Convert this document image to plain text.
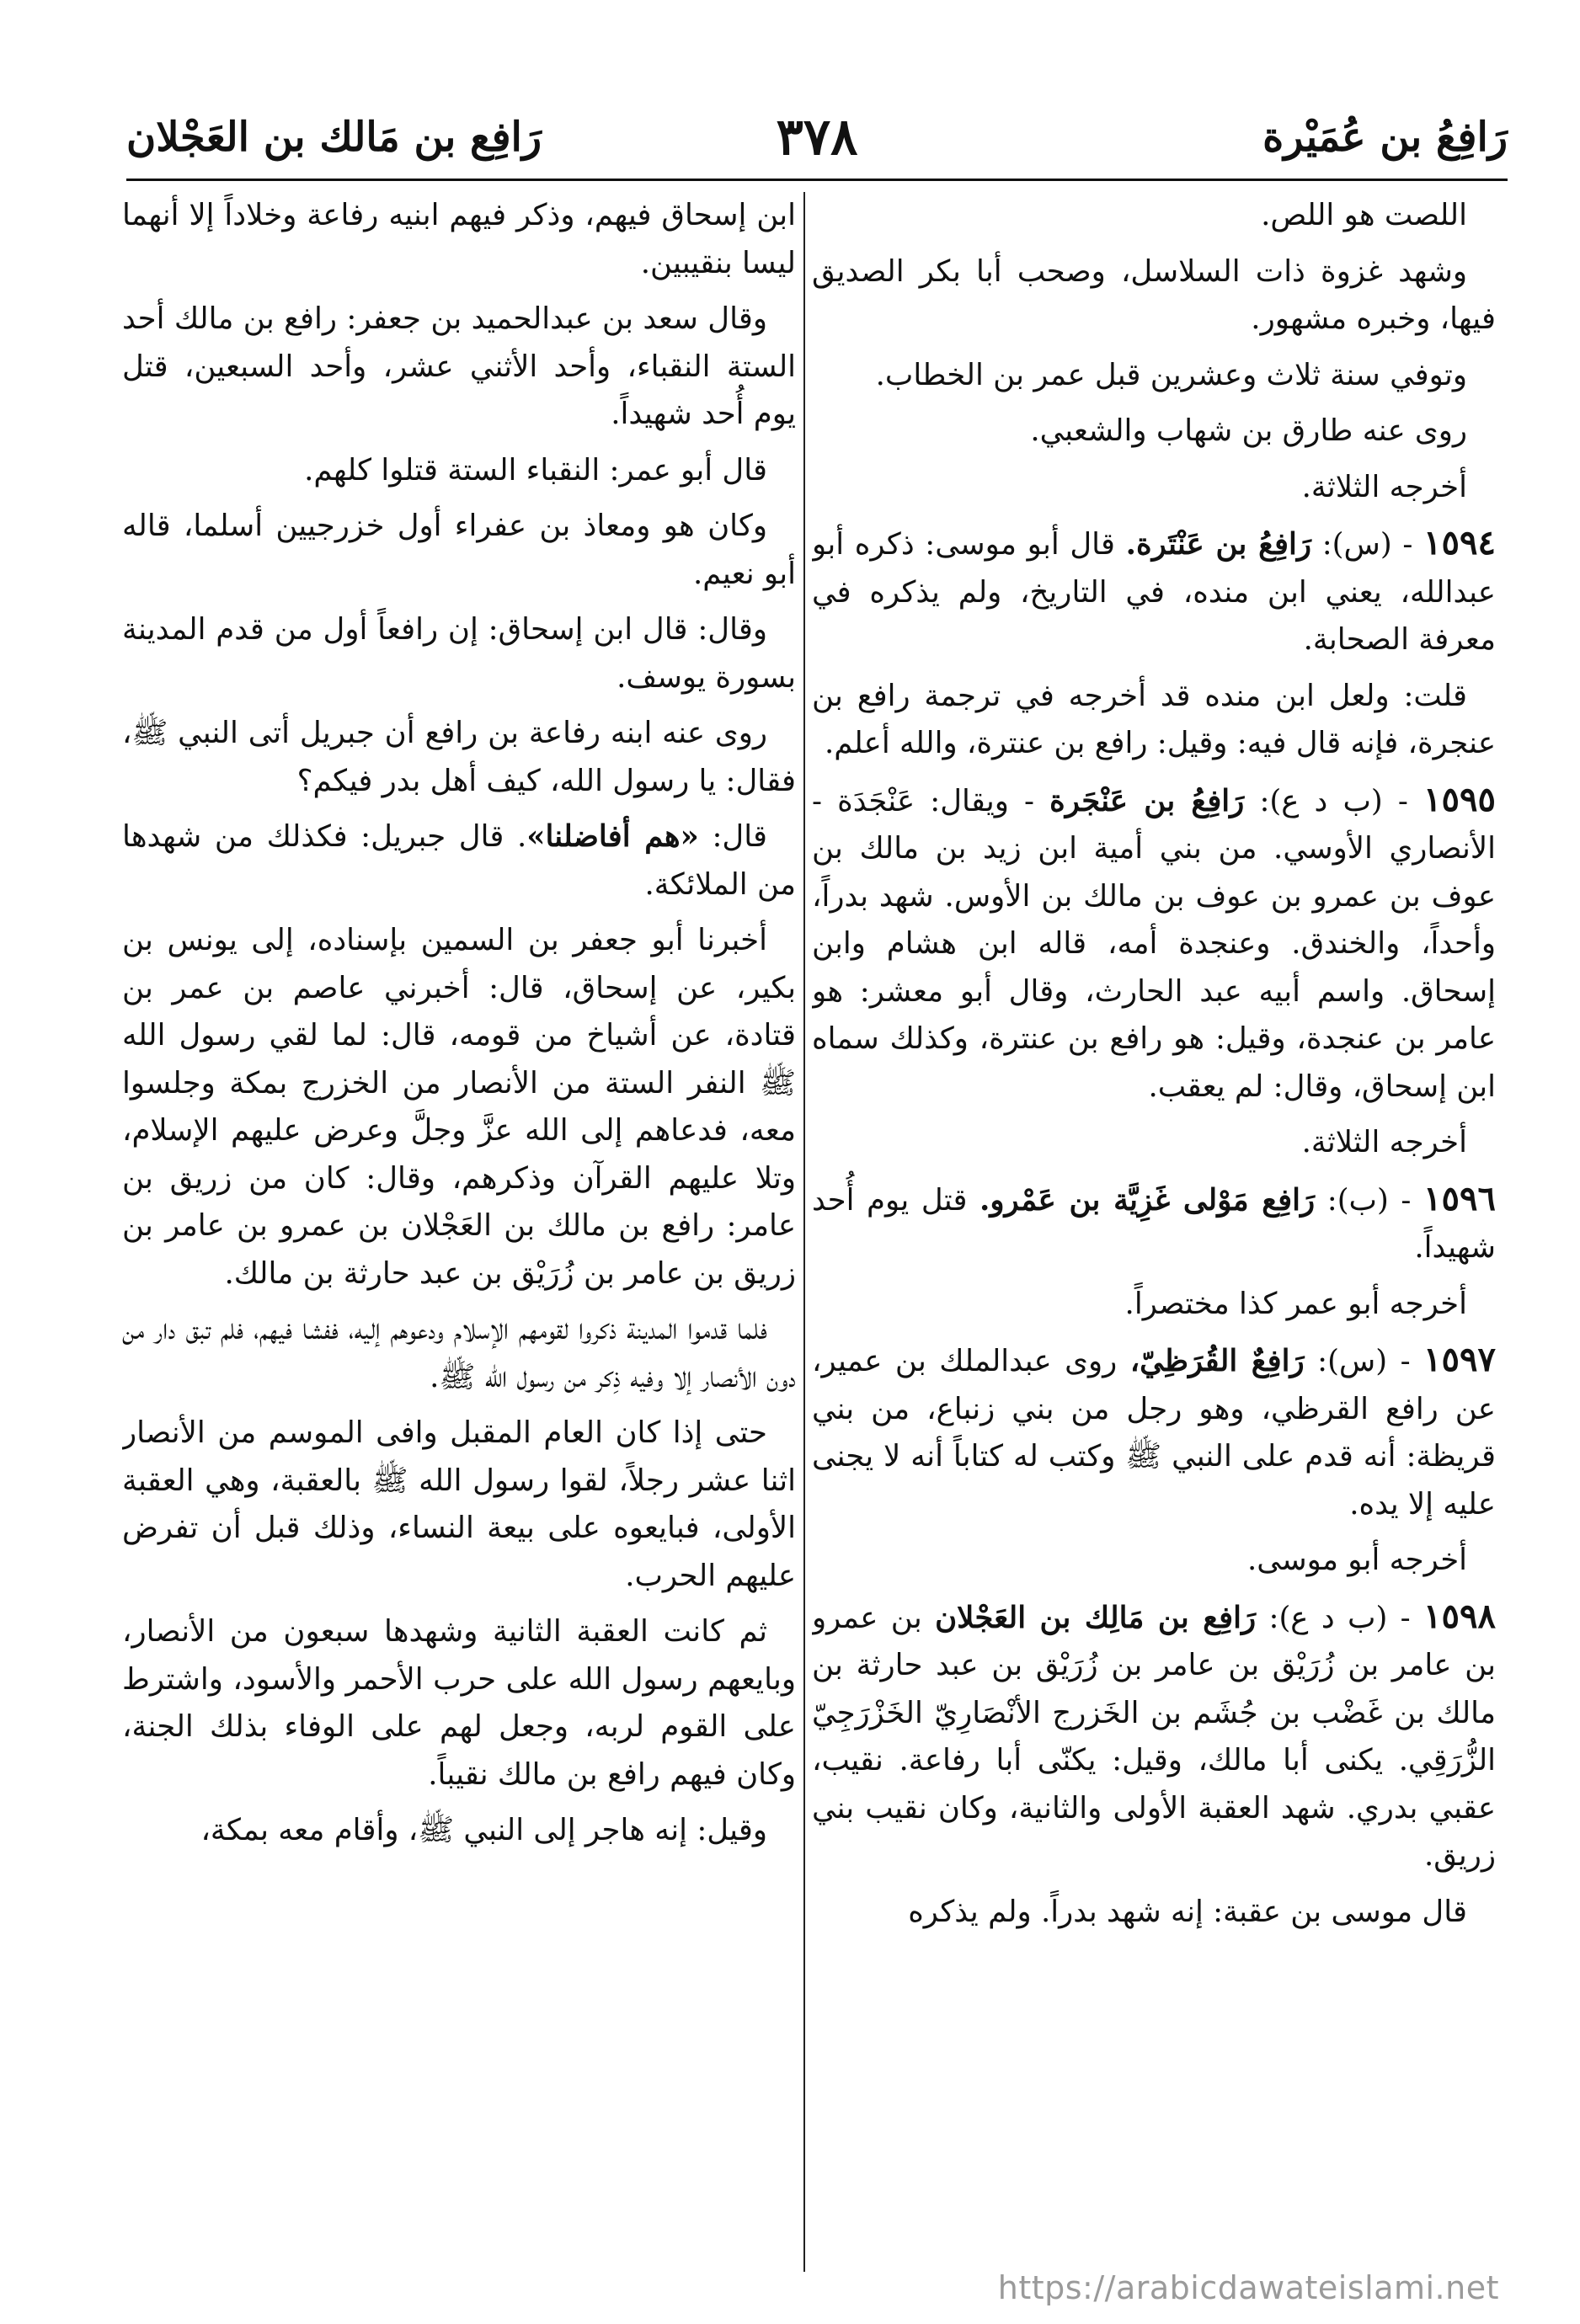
رَافِعُ بن عُمَيْرة
٣٧٨
رَافِع بن مَالك بن العَجْلان

اللصت هو اللص.

وشهد غزوة ذات السلاسل، وصحب أبا بكر الصديق فيها، وخبره مشهور.

وتوفي سنة ثلاث وعشرين قبل عمر بن الخطاب.

روى عنه طارق بن شهاب والشعبي.

أخرجه الثلاثة.

١٥٩٤ - (س): رَافِعُ بن عَنْتَرة. قال أبو موسى: ذكره أبو عبدالله، يعني ابن منده، في التاريخ، ولم يذكره في معرفة الصحابة.

قلت: ولعل ابن منده قد أخرجه في ترجمة رافع بن عنجرة، فإنه قال فيه: وقيل: رافع بن عنترة، والله أعلم.

١٥٩٥ - (ب د ع): رَافِعُ بن عَنْجَرة - ويقال: عَنْجَدَة - الأنصاري الأوسي. من بني أمية ابن زيد بن مالك بن عوف بن عمرو بن عوف بن مالك بن الأوس. شهد بدراً، وأحداً، والخندق. وعنجدة أمه، قاله ابن هشام وابن إسحاق. واسم أبيه عبد الحارث، وقال أبو معشر: هو عامر بن عنجدة، وقيل: هو رافع بن عنترة، وكذلك سماه ابن إسحاق، وقال: لم يعقب.

أخرجه الثلاثة.

١٥٩٦ - (ب): رَافِع مَوْلى غَزِيَّة بن عَمْرو. قتل يوم أُحد شهيداً.

أخرجه أبو عمر كذا مختصراً.

١٥٩٧ - (س): رَافِعٌ القُرَظِيّ، روى عبدالملك بن عمير، عن رافع القرظي، وهو رجل من بني زنباع، من بني قريظة: أنه قدم على النبي ﷺ وكتب له كتاباً أنه لا يجنى عليه إلا يده.

أخرجه أبو موسى.

١٥٩٨ - (ب د ع): رَافِع بن مَالِك بن العَجْلان بن عمرو بن عامر بن زُرَيْق بن عامر بن زُرَيْق بن عبد حارثة بن مالك بن غَضْب بن جُشَم بن الخَزرج الأنْصَارِيّ الخَزْرَجِيّ الزُّرَقِي. يكنى أبا مالك، وقيل: يكنّى أبا رفاعة. نقيب، عقبي بدري. شهد العقبة الأولى والثانية، وكان نقيب بني زريق.

قال موسى بن عقبة: إنه شهد بدراً. ولم يذكره

ابن إسحاق فيهم، وذكر فيهم ابنيه رفاعة وخلاداً إلا أنهما ليسا بنقيبين.

وقال سعد بن عبدالحميد بن جعفر: رافع بن مالك أحد الستة النقباء، وأحد الأثني عشر، وأحد السبعين، قتل يوم أُحد شهيداً.

قال أبو عمر: النقباء الستة قتلوا كلهم.

وكان هو ومعاذ بن عفراء أول خزرجيين أسلما، قاله أبو نعيم.

وقال: قال ابن إسحاق: إن رافعاً أول من قدم المدينة بسورة يوسف.

روى عنه ابنه رفاعة بن رافع أن جبريل أتى النبي ﷺ، فقال: يا رسول الله، كيف أهل بدر فيكم؟

قال: «هم أفاضلنا». قال جبريل: فكذلك من شهدها من الملائكة.

أخبرنا أبو جعفر بن السمين بإسناده، إلى يونس بن بكير، عن إسحاق، قال: أخبرني عاصم بن عمر بن قتادة، عن أشياخ من قومه، قال: لما لقي رسول الله ﷺ النفر الستة من الأنصار من الخزرج بمكة وجلسوا معه، فدعاهم إلى الله عزَّ وجلَّ وعرض عليهم الإسلام، وتلا عليهم القرآن وذكرهم، وقال: كان من زريق بن عامر: رافع بن مالك بن العَجْلان بن عمرو بن عامر بن زريق بن عامر بن زُرَيْق بن عبد حارثة بن مالك.

فلما قدموا المدينة ذكروا لقومهم الإسلام ودعوهم إليه، ففشا فيهم، فلم تبق دار من دون الأنصار إلا وفيه ذِكر من رسول الله ﷺ.

حتى إذا كان العام المقبل وافى الموسم من الأنصار اثنا عشر رجلاً، لقوا رسول الله ﷺ بالعقبة، وهي العقبة الأولى، فبايعوه على بيعة النساء، وذلك قبل أن تفرض عليهم الحرب.

ثم كانت العقبة الثانية وشهدها سبعون من الأنصار، وبايعهم رسول الله على حرب الأحمر والأسود، واشترط على القوم لربه، وجعل لهم على الوفاء بذلك الجنة، وكان فيهم رافع بن مالك نقيباً.

وقيل: إنه هاجر إلى النبي ﷺ، وأقام معه بمكة،

https://arabicdawateislami.net
